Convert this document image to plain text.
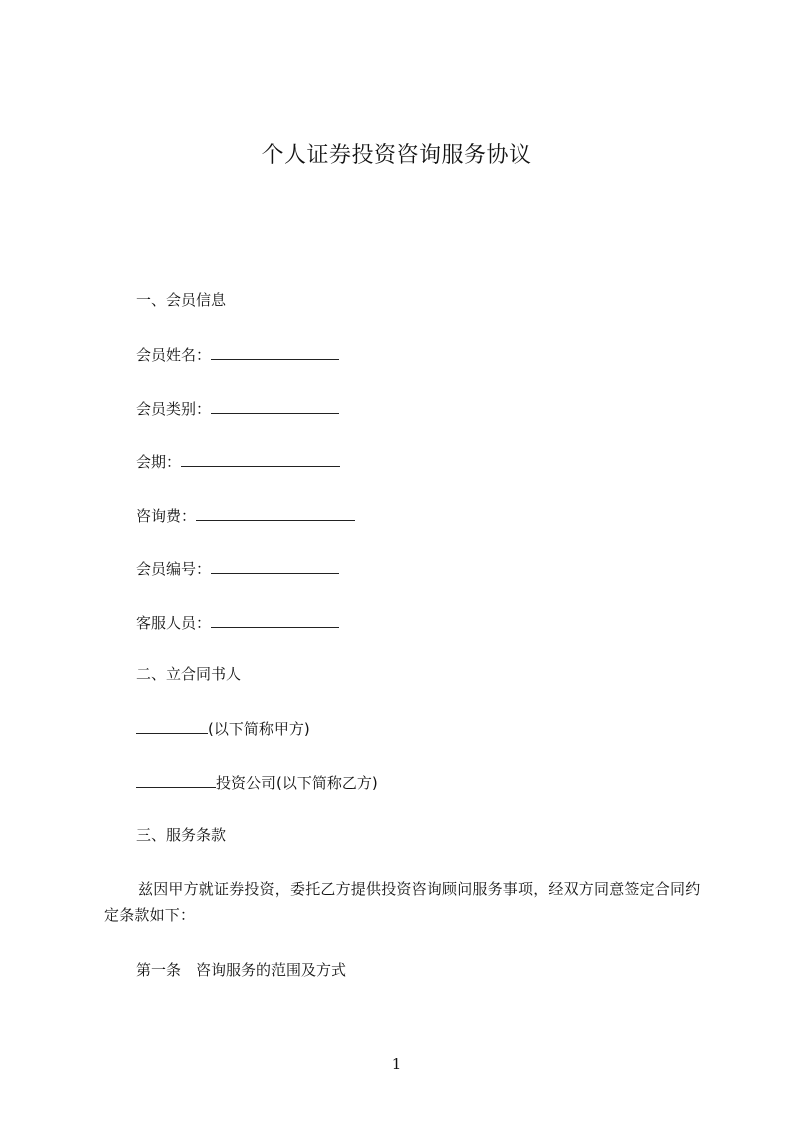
个人证券投资咨询服务协议
一、会员信息
会员姓名：
会员类别：
会期：
咨询费：
会员编号：
客服人员：
二、立合同书人
(以下简称甲方)
投资公司(以下简称乙方)
三、服务条款
兹因甲方就证券投资，委托乙方提供投资咨询顾问服务事项，经双方同意签定合同约定条款如下：
第一条 咨询服务的范围及方式
1
